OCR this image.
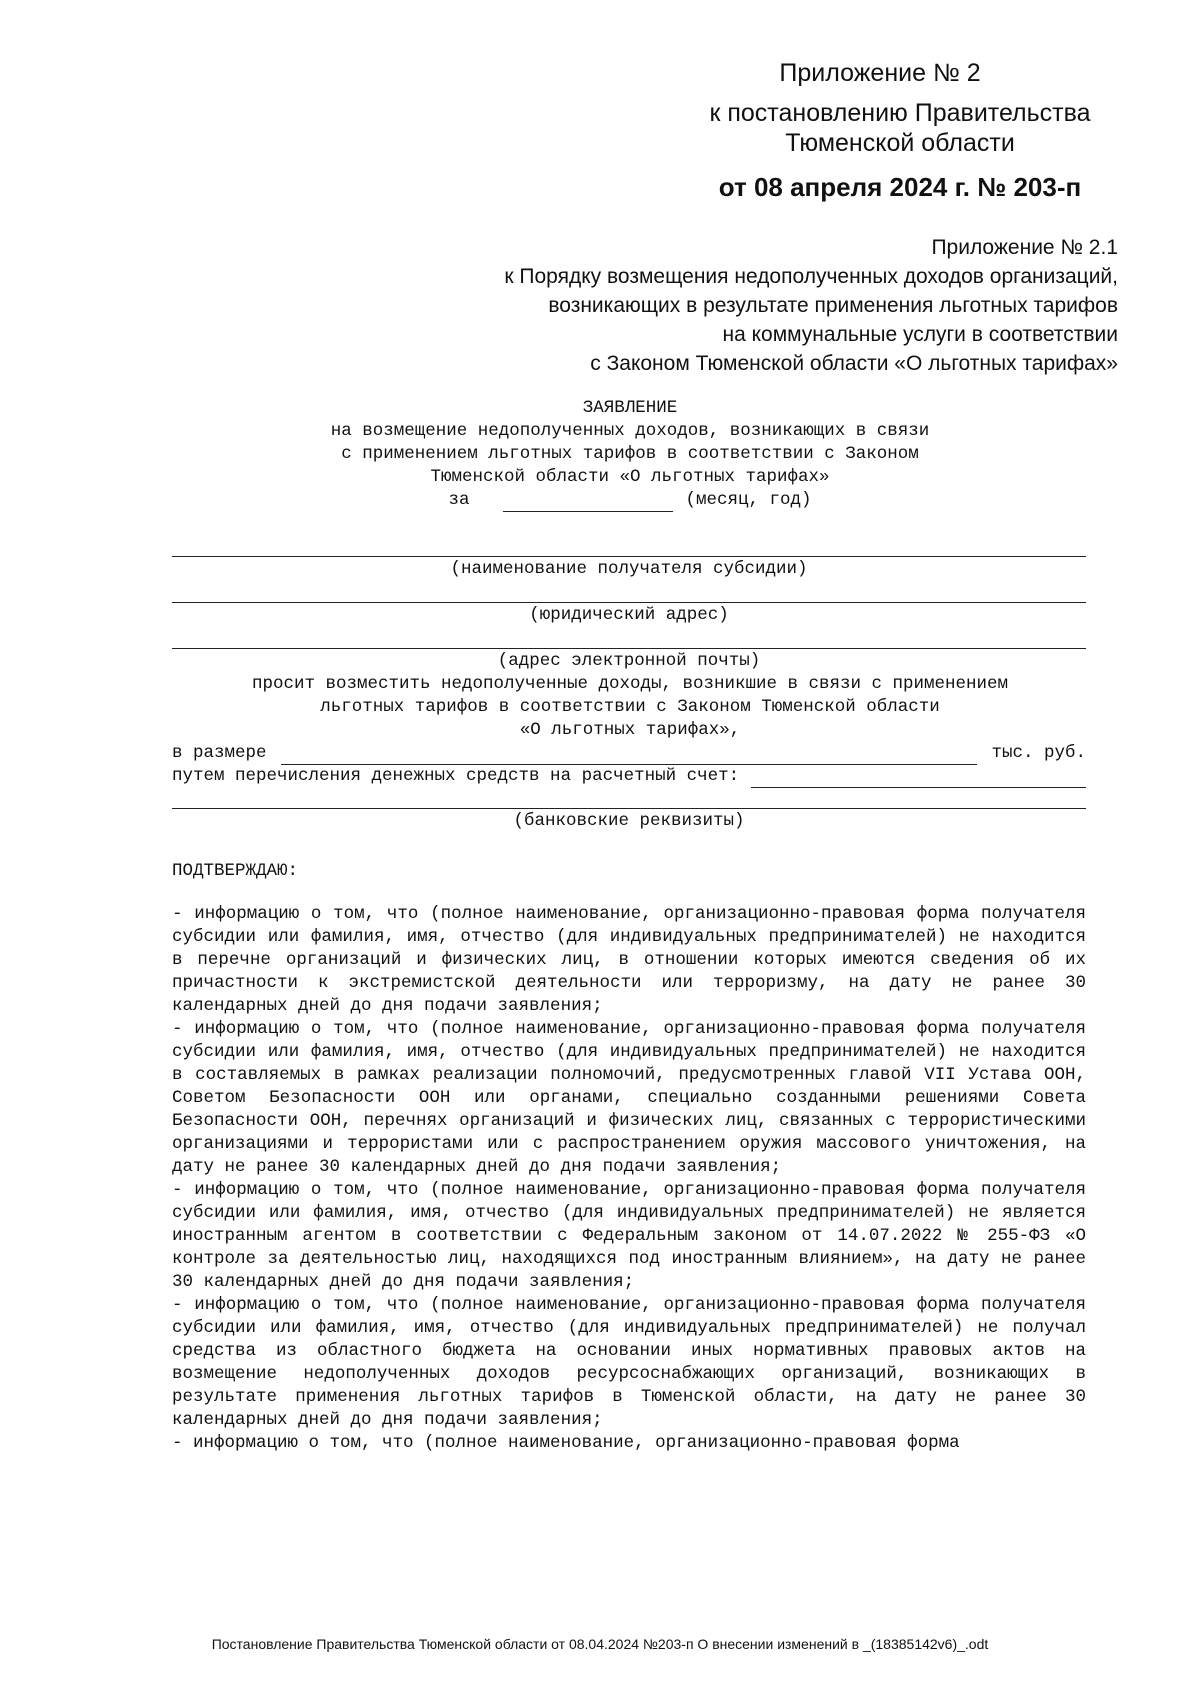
Приложение № 2
к постановлению Правительства
Тюменской области
от 08 апреля 2024 г. № 203-п
Приложение № 2.1
к Порядку возмещения недополученных доходов организаций,
возникающих в результате применения льготных тарифов
на коммунальные услуги в соответствии
с Законом Тюменской области «О льготных тарифах»
ЗАЯВЛЕНИЕ
на возмещение недополученных доходов, возникающих в связи
с применением льготных тарифов в соответствии с Законом
Тюменской области «О льготных тарифах»
за	(месяц, год)
(наименование получателя субсидии)
(юридический адрес)
(адрес электронной почты)
просит возместить недополученные доходы, возникшие в связи с применением
льготных тарифов в соответствии с Законом Тюменской области
«О льготных тарифах»,
в размере	тыс. руб.
путем перечисления денежных средств на расчетный счет:
(банковские реквизиты)
ПОДТВЕРЖДАЮ:

- информацию о том, что (полное наименование, организационно-правовая форма получателя субсидии или фамилия, имя, отчество (для индивидуальных предпринимателей) не находится в перечне организаций и физических лиц, в отношении которых имеются сведения об их причастности к экстремистской деятельности или терроризму, на дату не ранее 30 календарных дней до дня подачи заявления;

- информацию о том, что (полное наименование, организационно-правовая форма получателя субсидии или фамилия, имя, отчество (для индивидуальных предпринимателей) не находится в составляемых в рамках реализации полномочий, предусмотренных главой VII Устава ООН, Советом Безопасности ООН или органами, специально созданными решениями Совета Безопасности ООН, перечнях организаций и физических лиц, связанных с террористическими организациями и террористами или с распространением оружия массового уничтожения, на дату не ранее 30 календарных дней до дня подачи заявления;

- информацию о том, что (полное наименование, организационно-правовая форма получателя субсидии или фамилия, имя, отчество (для индивидуальных предпринимателей) не является иностранным агентом в соответствии с Федеральным законом от 14.07.2022 № 255-ФЗ «О контроле за деятельностью лиц, находящихся под иностранным влиянием», на дату не ранее 30 календарных дней до дня подачи заявления;

- информацию о том, что (полное наименование, организационно-правовая форма получателя субсидии или фамилия, имя, отчество (для индивидуальных предпринимателей) не получал средства из областного бюджета на основании иных нормативных правовых актов на возмещение недополученных доходов ресурсоснабжающих организаций, возникающих в результате применения льготных тарифов в Тюменской области, на дату не ранее 30 календарных дней до дня подачи заявления;

- информацию о том, что (полное наименование, организационно-правовая форма

Постановление Правительства Тюменской области от 08.04.2024 №203-п О внесении изменений в _(18385142v6)_.odt
